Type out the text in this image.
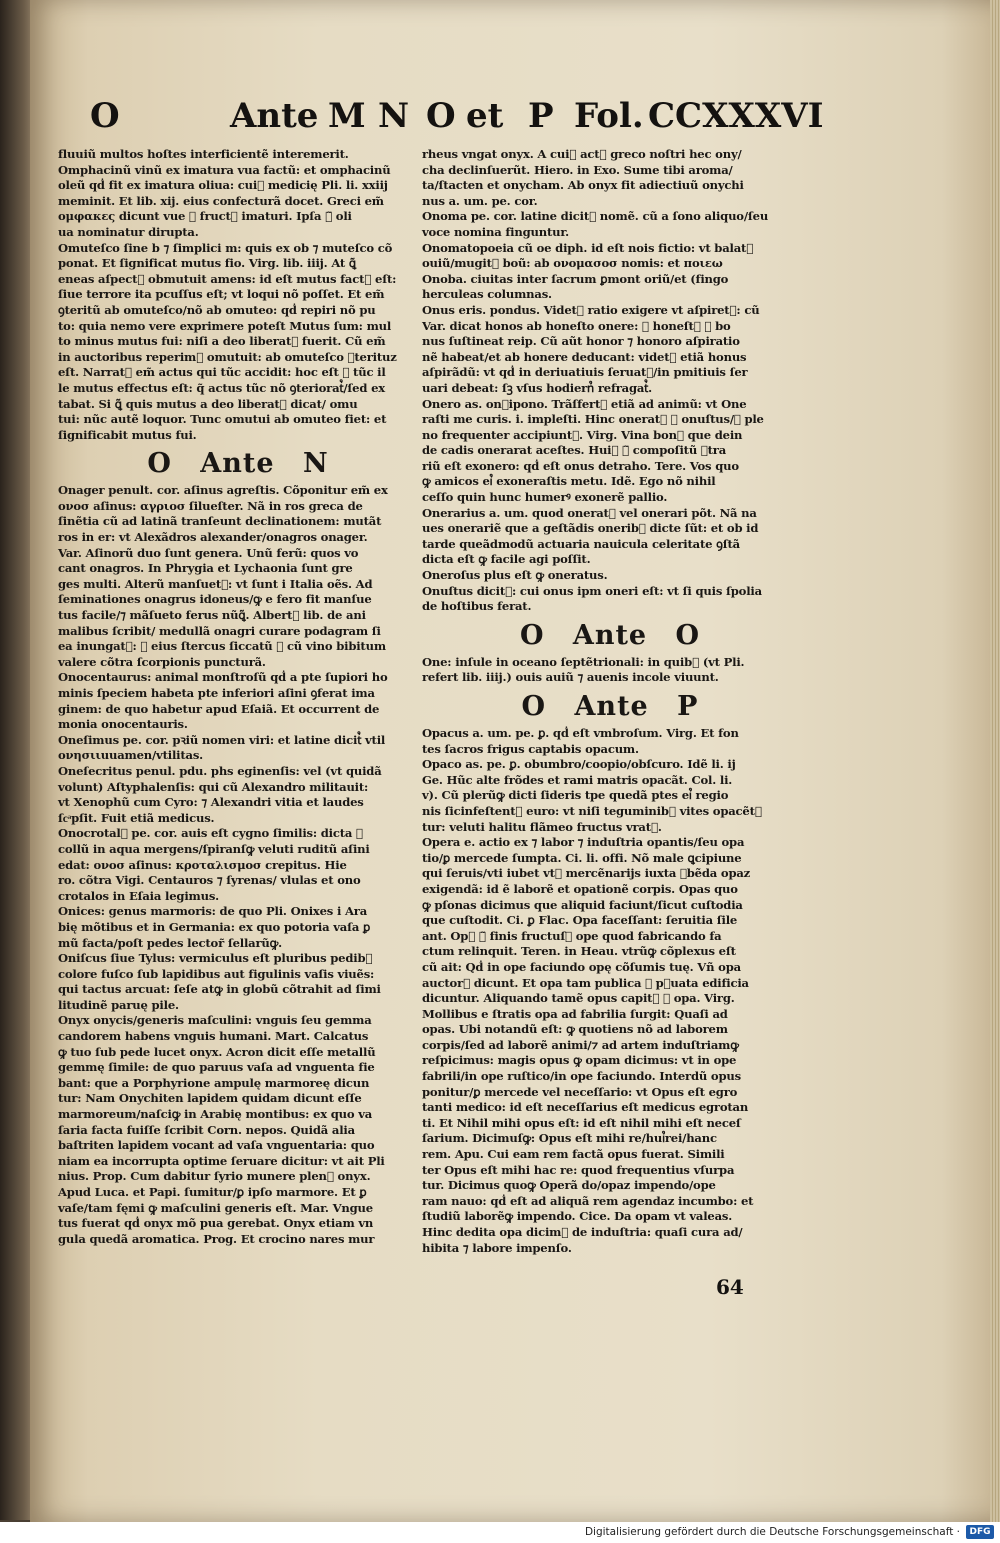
O	Ante M N O et P Fol. CCXXXVI
fluuiũ multos hoſtes interficientẽ interemerit.
Omphacinũ vinũ ex imatura vua factũ: et omphacinũ
oleũ qḋ fit ex imatura oliua: cui᷒ medicię Pli. li. xxiij
meminit. Et lib. xij. eius confecturã docet. Greci em̃
ομφακες dicunt vue ⁊ fruct᷒ imaturi. Ipſa ꝗ̃ oli
ua nominatur dirupta.
Omuteſco ſine b ⁊ ſimplici m: quis ex ob ⁊ muteſco cõ
ponat. Et ſignificat mutus fio. Virg. lib. iiij. At ꝗ̃
eneas aſpect᷒ obmutuit amens: id eſt mutus fact᷒ eſt:
ſiue terrore ita pcuſſus eſt; vt loqui nõ poſſet. Et em̃
ꝯteritũ ab omuteſco/nõ ab omuteo: qḋ repiri nõ pu
to: quia nemo vere exprimere poteſt Mutus ſum: mul
to minus mutus fui: niſi a deo liberat᷒ fuerit. Cũ em̃
in auctoribus reperim᷒ omutuit: ab omuteſco ꝯterituz
eſt. Narrat᷒ em̃ actus qui tũc accidit: hoc eſt ꝙ tũc il
le mutus effectus eſt: q̃ actus tũc nõ ꝯteriorat᷒/ſed ex
tabat. Si ꝗ̃ quis mutus a deo liberat᷒ dicat/ omu
tui: nũc autẽ loquor. Tunc omutui ab omuteo fiet: et
ſignificabit mutus fui.
O Ante N
Onager penult. cor. aſinus agreſtis. Cõponitur em̃ ex
ονοσ aſinus: αγριοσ ſilueſter. Nã in ros greca de
ſinẽtia cũ ad latinã tranſeunt declinationem: mutãt
ros in er: vt Alexãdros alexander/onagros onager.
Var. Aſinorũ duo ſunt genera. Unũ ferũ: quos vo
cant onagros. In Phrygia et Lychaonia ſunt gre
ges multi. Alterũ manſuet᷒: vt ſunt i Italia oẽs. Ad
ſeminationes onagrus idoneus/ꝙ e fero fit manſue
tus facile/⁊ mãſueto ferus nũꝗ̃. Albert᷒ lib. de ani
malibus ſcribit/ medullã onagri curare podagram ſi
ea inungat᷒: ⁊ eius ſtercus ſiccatũ ⁊ cũ vino bibitum
valere cõtra ſcorpionis puncturã.
Onocentaurus: animal monſtroſũ qḋ a pte ſupiori ho
minis ſpeciem habeta pte inferiori aſini ꝯferat ima
ginem: de quo habetur apud Eſaiã. Et occurrent de
monia onocentauris.
Oneſimus pe. cor. pꝛiũ nomen viri: et latine dicit᷒ vtil
ονησιιuuamen/vtilitas.
Oneſecritus penul. pdu. phs eginenſis: vel (vt quidã
volunt) Aſtyphalenſis: qui cũ Alexandro militauit:
vt Xenophũ cum Cyro: ⁊ Alexandri vitia et laudes
ſcͣpſit. Fuit etiã medicus.
Onocrotal᷒ pe. cor. auis eſt cygno ſimilis: dicta ꝙ
collũ in aqua mergens/ſpiranſꝙ veluti ruditũ aſini
edat: ονοσ aſinus: κροταλισμοσ crepitus. Hie
ro. cõtra Vigi. Centauros ⁊ ſyrenas/ vlulas et ono
crotalos in Eſaia legimus.
Onices: genus marmoris: de quo Pli. Onixes i Ara
bię mõtibus et in Germania: ex quo potoria vaſa ꝑ
mũ facta/poſt pedes lector̃ ſellarũꝙ.
Oniſcus ſiue Tylus: vermiculus eſt pluribus pedib᷒
colore fuſco ſub lapidibus aut figulinis vaſis viuẽs:
qui tactus arcuat: ſeſe atꝙ in globũ cõtrahit ad ſimi
litudinẽ paruę pile.
Onyx onycis/generis maſculini: vnguis ſeu gemma
candorem habens vnguis humani. Mart. Calcatus
ꝙ tuo ſub pede lucet onyx. Acron dicit eſſe metallũ
gemmę ſimile: de quo paruus vaſa ad vnguenta fie
bant: que a Porphyrione ampulę marmoreę dicun
tur: Nam Onychiten lapidem quidam dicunt eſſe
marmoreum/naſciꝙ in Arabię montibus: ex quo va
ſaria facta fuiſſe ſcribit Corn. nepos. Quidã alia
baſtriten lapidem vocant ad vaſa vnguentaria: quo
niam ea incorrupta optime ſeruare dicitur: vt ait Pli
nius. Prop. Cum dabitur ſyrio munere plen᷒ onyx.
Apud Luca. et Papi. ſumitur/ꝑ ipſo marmore. Et ꝑ
vaſe/tam fęmi ꝙ maſculini generis eſt. Mar. Vngue
tus fuerat qḋ onyx mõ pua gerebat. Onyx etiam vn
gula quedã aromatica. Prog. Et crocino nares mur
rheus vngat onyx. A cui᷒ act᷒ greco noſtri hec ony/
cha declinſuerũt. Hiero. in Exo. Sume tibi aroma/
ta/ſtacten et onycham. Ab onyx fit adiectiuũ onychi
nus a. um. pe. cor.
Onoma pe. cor. latine dicit᷒ nomẽ. cũ a ſono aliquo/ſeu
voce nomina finguntur.
Onomatopoeia cũ oe diph. id eſt nois fictio: vt balat᷒
ouiũ/mugit᷒ boũ: ab ονομασοσ nomis: et ποιεω
Onoba. ciuitas inter ſacrum ꝑmont oriũ/et (fingo
herculeas columnas.
Onus eris. pondus. Videt᷒ ratio exigere vt aſpiret᷒: cũ
Var. dicat honos ab honeſto onere: ⁊ honeſt᷒ ꝙ bo
nus ſuſtineat reip. Cũ aũt honor ⁊ honoro aſpiratio
nẽ habeat/et ab honere deducant: videt᷒ etiã honus
aſpirãdũ: vt qḋ in deriuatiuis ſeruat᷒/in pmitiuis ſer
uari debeat: ſꝫ vſus hodiern᷒ refragat᷒.
Onero as. on᷒ipono. Trãſfert᷒ etiã ad animũ: vt One
raſti me curis. i. impleſti. Hinc onerat᷒ ⁊ onuſtus/ꝑ ple
no frequenter accipiunt᷒. Virg. Vina bon᷒ que dein
de cadis onerarat aceſtes. Hui᷒ ꝗ̃ compoſitũ ꝯtra
riũ eſt exonero: qḋ eſt onus detraho. Tere. Vos quo
ꝙ amicos ei᷒ exoneraſtis metu. Idẽ. Ego nõ nihil
ceſſo quin hunc humerꝰ exonerẽ pallio.
Onerarius a. um. quod onerat᷒ vel onerari põt. Nã na
ues onerariẽ que a geſtãdis onerib᷒ dicte ſũt: et ob id
tarde queãdmodũ actuaria nauicula celeritate ꝯſtã
dicta eſt ꝙ facile agi poſſit.
Oneroſus plus eſt ꝙ oneratus.
Onuſtus dicit᷒: cui onus ipm oneri eſt: vt ſi quis ſpolia
de hoſtibus ferat.
O Ante O
One: inſule in oceano ſeptẽtrionali: in quib᷒ (vt Pli.
refert lib. iiij.) ouis auiũ ⁊ auenis incole viuunt.
O Ante P
Opacus a. um. pe. ꝑ. qḋ eſt vmbroſum. Virg. Et fon
tes ſacros frigus captabis opacum.
Opaco as. pe. ꝑ. obumbro/coopio/obſcuro. Idẽ li. ij
Ge. Hũc alte frõdes et rami matris opacãt. Col. li.
v). Cũ plerũꝙ dicti ſideris tpe quedã ptes ei᷒ regio
nis ſicinfeſtent᷒ euro: vt niſi teguminib᷒ vites opacẽt᷒
tur: veluti halitu flãmeo fructus vrat᷒.
Opera e. actio ex ⁊ labor ⁊ induſtria opantis/ſeu opa
tio/ꝑ mercede ſumpta. Ci. li. offi. Nõ male ꝗcipiune
qui ſeruis/vti iubet vt᷒ mercẽnarijs iuxta ꝗbẽda opaz
exigendã: id ẽ laborẽ et opationẽ corpis. Opas quo
ꝙ pſonas dicimus que aliquid faciunt/ſicut cuſtodia
que cuſtodit. Ci. ꝑ Flac. Opa faceſſant: ſeruitia ſile
ant. Op᷒ ꝗ̃ finis fructuſꝙ ope quod fabricando fa
ctum relinquit. Teren. in Heau. vtrũꝙ cõplexus eſt
cũ ait: Qḋ in ope faciundo opę cõſumis tuę. Vñ opa
auctor᷒ dicunt. Et opa tam publica ꝙ pꝛuata edificia
dicuntur. Aliquando tamẽ opus capit᷒ ꝑ opa. Virg.
Mollibus e ſtratis opa ad fabrilia ſurgit: Quaſi ad
opas. Ubi notandũ eſt: ꝙ quotiens nõ ad laborem
corpis/ſed ad laborẽ animi/⁊ ad artem induſtriamꝙ
reſpicimus: magis opus ꝙ opam dicimus: vt in ope
fabrili/in ope ruſtico/in ope faciundo. Interdũ opus
ponitur/ꝑ mercede vel neceſſario: vt Opus eſt egro
tanti medico: id eſt neceſſarius eſt medicus egrotan
ti. Et Nihil mihi opus eſt: id eſt nihil mihi eſt neceſ
ſarium. Dicimuſꝙ: Opus eſt mihi re/hui᷒rei/hanc
rem. Apu. Cui eam rem factã opus fuerat. Simili
ter Opus eſt mihi hac re: quod frequentius vſurpa
tur. Dicimus quoꝙ Operã do/opaz impendo/ope
ram nauo: qḋ eſt ad aliquã rem agendaz incumbo: et
ſtudiũ laborẽꝙ impendo. Cice. Da opam vt valeas.
Hinc dedita opa dicim᷒ de induſtria: quaſi cura ad/
hibita ⁊ labore impenſo.
64
Digitalisierung gefördert durch die Deutsche Forschungsgemeinschaft ·	DFG
